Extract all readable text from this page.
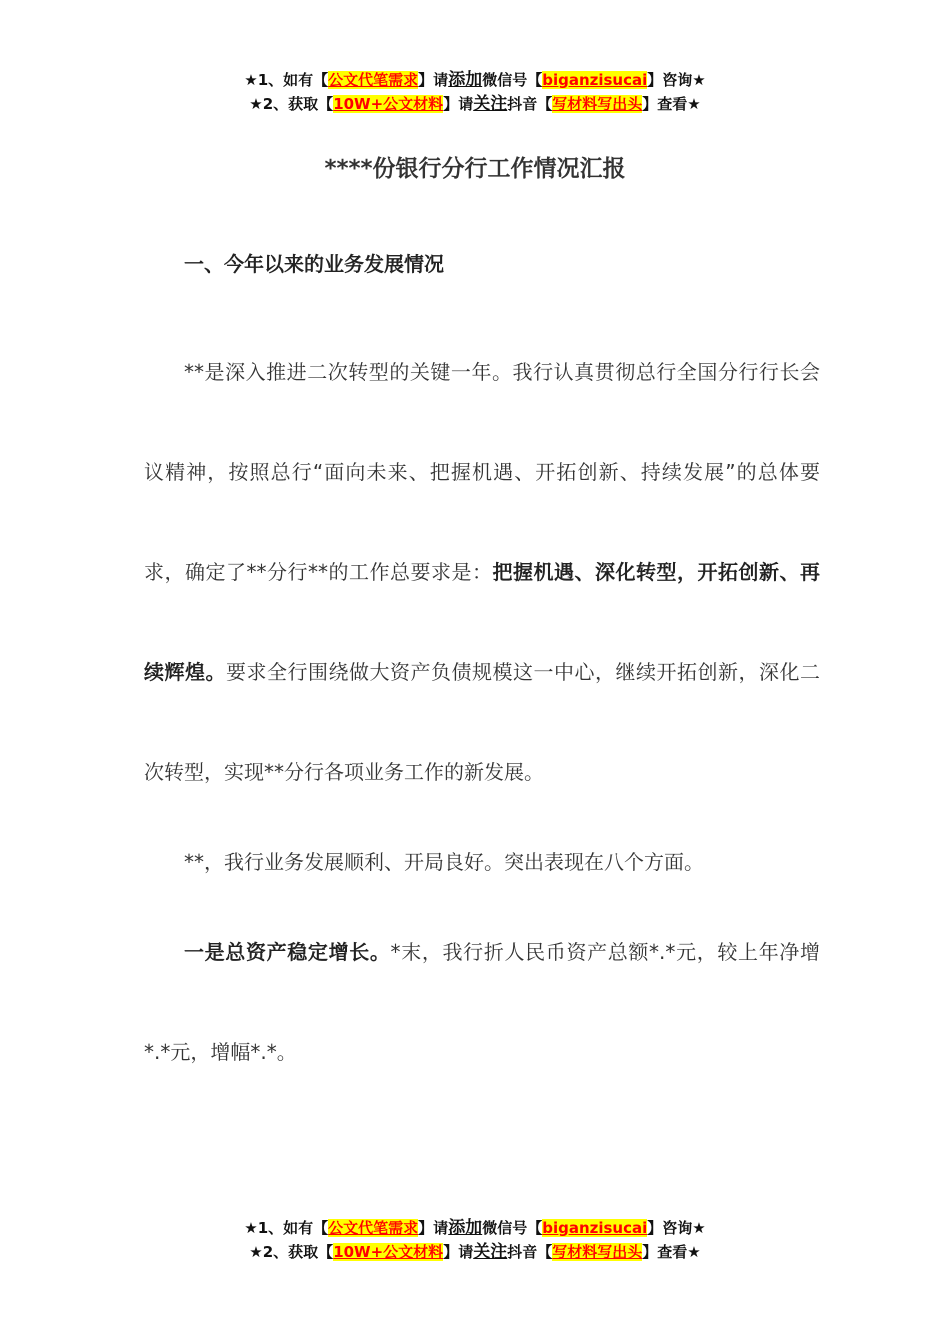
★1、如有【公文代笔需求】请添加微信号【biganzisucai】咨询★
★2、获取【10W+公文材料】请关注抖音【写材料写出头】查看★
****份银行分行工作情况汇报
一、今年以来的业务发展情况

**是深入推进二次转型的关键一年。我行认真贯彻总行全国分行行长会议精神，按照总行“面向未来、把握机遇、开拓创新、持续发展”的总体要求，确定了**分行**的工作总要求是：把握机遇、深化转型，开拓创新、再续辉煌。要求全行围绕做大资产负债规模这一中心，继续开拓创新，深化二次转型，实现**分行各项业务工作的新发展。

**，我行业务发展顺利、开局良好。突出表现在八个方面。

一是总资产稳定增长。*末，我行折人民币资产总额*.*元，较上年净增*.*元，增幅*.*。

★1、如有【公文代笔需求】请添加微信号【biganzisucai】咨询★
★2、获取【10W+公文材料】请关注抖音【写材料写出头】查看★
